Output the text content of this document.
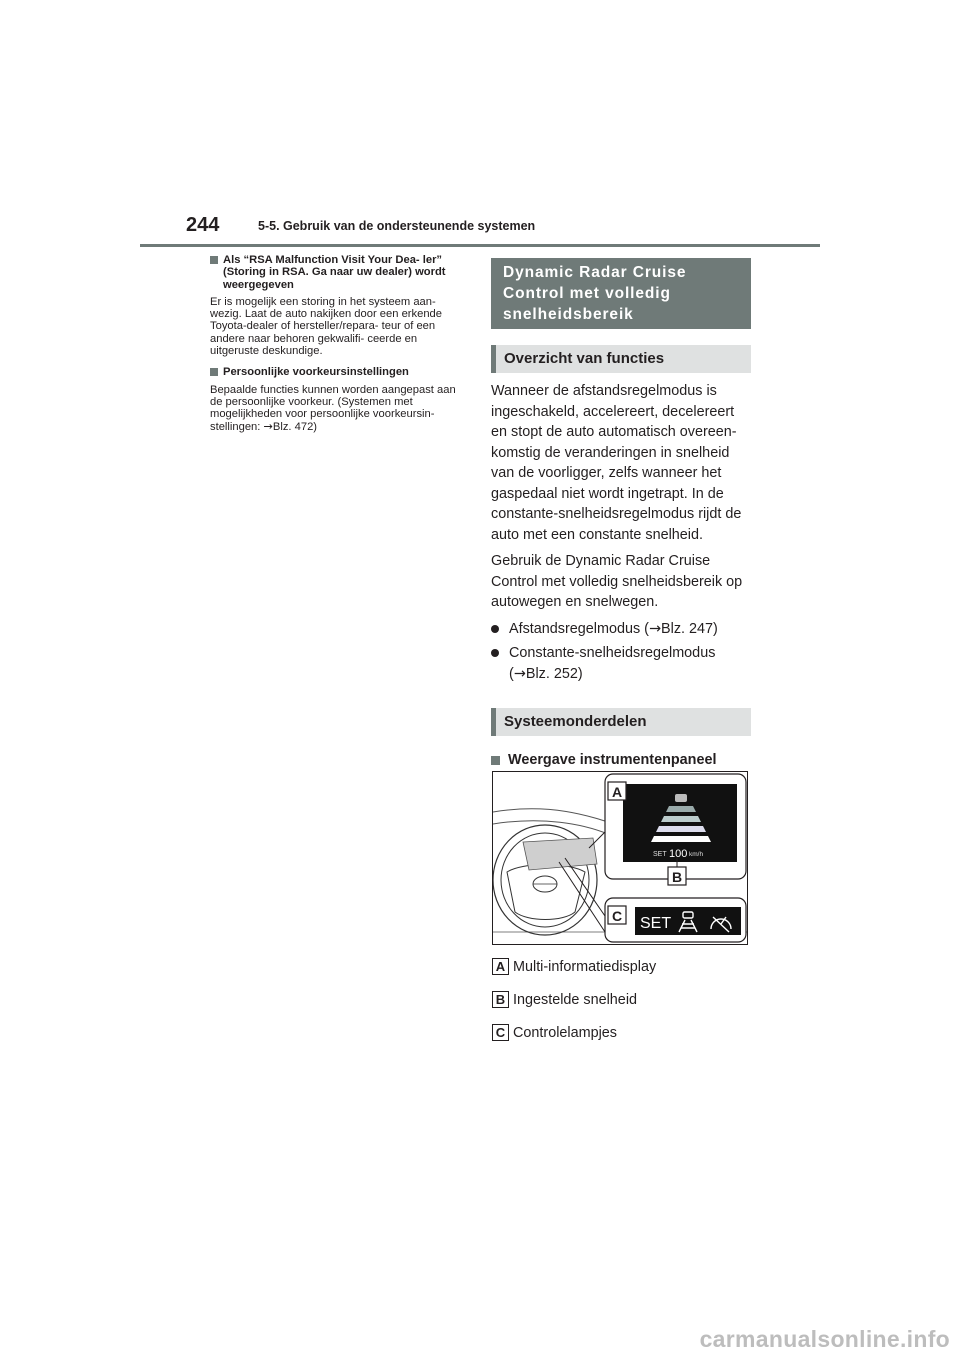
244	5-5. Gebruik van de ondersteunende systemen
Als “RSA Malfunction Visit Your Dea- ler” (Storing in RSA. Ga naar uw dealer) wordt weergegeven

Er is mogelijk een storing in het systeem aan- wezig. Laat de auto nakijken door een erkende Toyota-dealer of hersteller/repara- teur of een andere naar behoren gekwalifi- ceerde en uitgeruste deskundige.

Persoonlijke voorkeursinstellingen

Bepaalde functies kunnen worden aangepast aan de persoonlijke voorkeur. (Systemen met mogelijkheden voor persoonlijke voorkeursin- stellingen: →Blz. 472)

Dynamic Radar Cruise Control met volledig snelheidsbereik
Overzicht van functies

Wanneer de afstandsregelmodus is ingeschakeld, accelereert, decelereert en stopt de auto automatisch overeen- komstig de veranderingen in snelheid van de voorligger, zelfs wanneer het gaspedaal niet wordt ingetrapt. In de constante-snelheidsregelmodus rijdt de auto met een constante snelheid.

Gebruik de Dynamic Radar Cruise Control met volledig snelheidsbereik op autowegen en snelwegen.

Afstandsregelmodus (→Blz. 247)
Constante-snelheidsregelmodus
(→Blz. 252)
Systeemonderdelen
Weergave instrumentenpaneel
SET 100 km/h
A
B
SET
C
A Multi-informatiedisplay
B Ingestelde snelheid
C Controlelampjes
carmanualsonline.info
